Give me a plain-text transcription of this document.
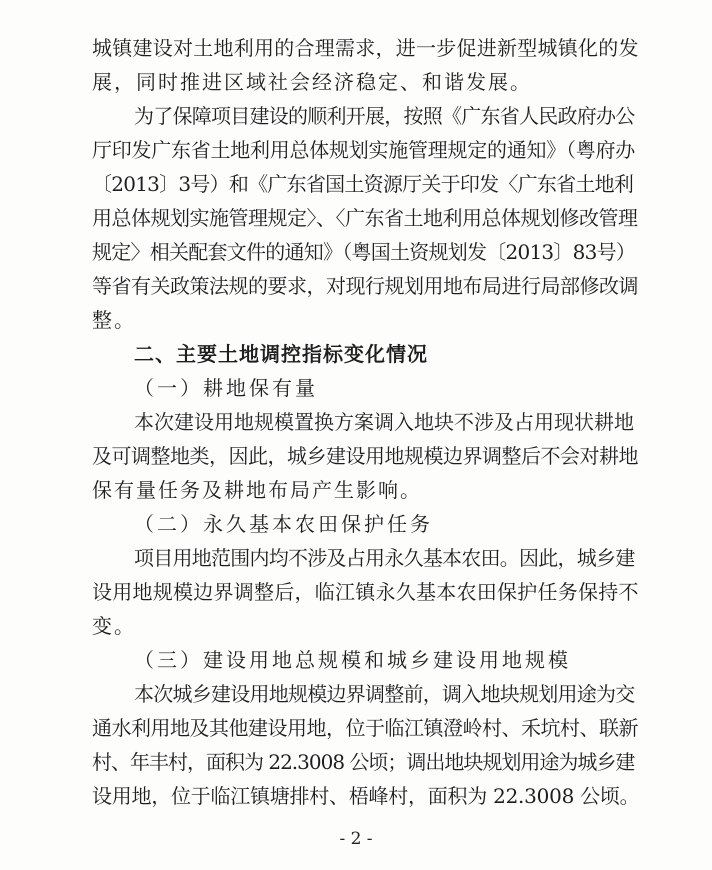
城镇建设对土地利用的合理需求，进一步促进新型城镇化的发
展，同时推进区域社会经济稳定、和谐发展。
为了保障项目建设的顺利开展，按照《广东省人民政府办公
厅印发广东省土地利用总体规划实施管理规定的通知》（粤府办
〔2013〕3号）和《广东省国土资源厅关于印发〈广东省土地利
用总体规划实施管理规定〉、〈广东省土地利用总体规划修改管理
规定〉相关配套文件的通知》（粤国土资规划发〔2013〕83号）
等省有关政策法规的要求，对现行规划用地布局进行局部修改调
整。
二、主要土地调控指标变化情况
（一）耕地保有量
本次建设用地规模置换方案调入地块不涉及占用现状耕地
及可调整地类，因此，城乡建设用地规模边界调整后不会对耕地
保有量任务及耕地布局产生影响。
（二）永久基本农田保护任务
项目用地范围内均不涉及占用永久基本农田。因此，城乡建
设用地规模边界调整后，临江镇永久基本农田保护任务保持不
变。
（三）建设用地总规模和城乡建设用地规模
本次城乡建设用地规模边界调整前，调入地块规划用途为交
通水利用地及其他建设用地，位于临江镇澄岭村、禾坑村、联新
村、年丰村，面积为 22.3008 公顷；调出地块规划用途为城乡建
设用地，位于临江镇塘排村、梧峰村，面积为 22.3008 公顷。
- 2 -
